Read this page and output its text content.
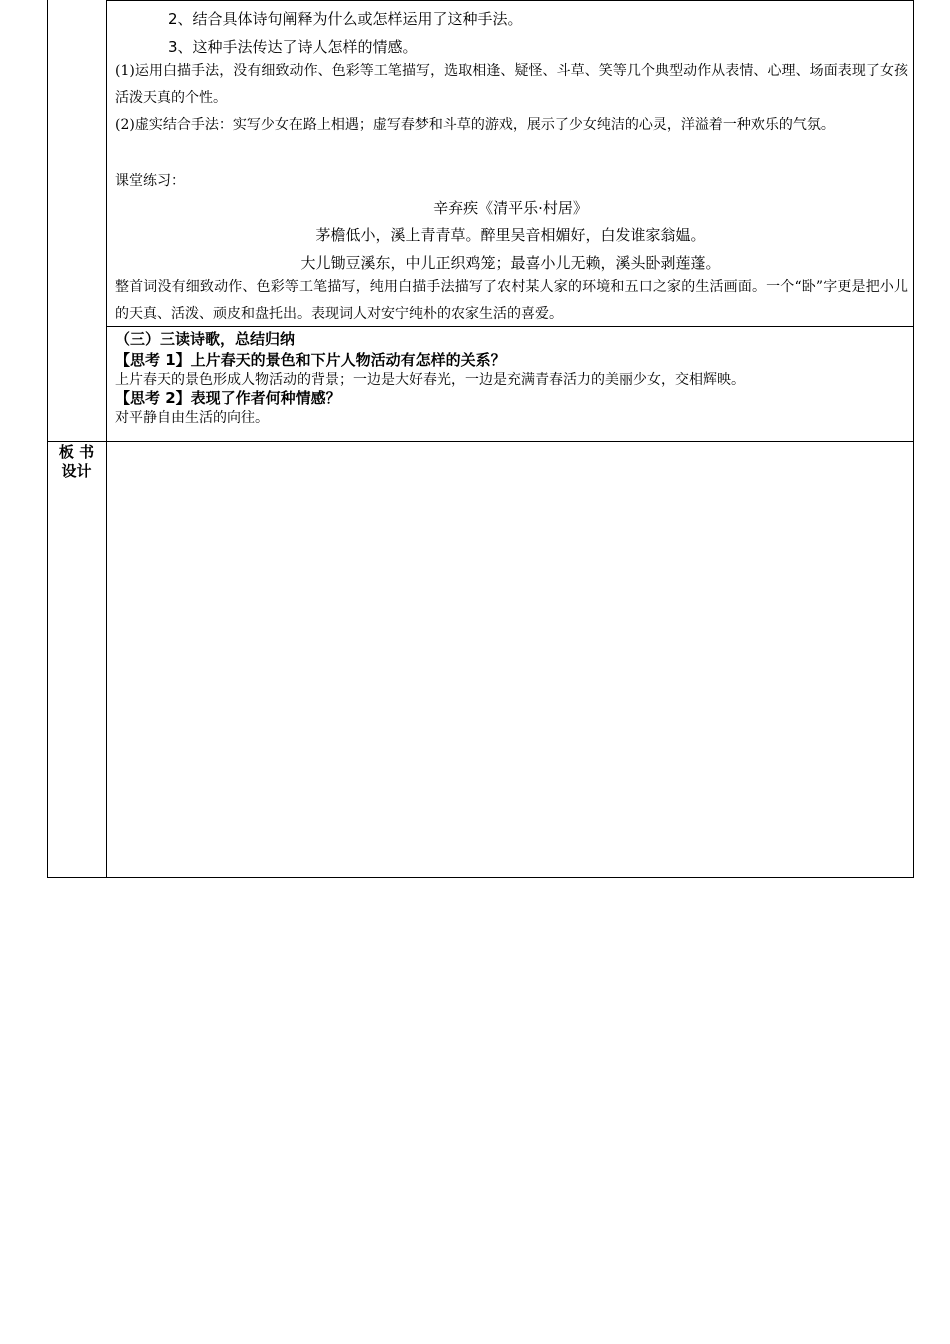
2、结合具体诗句阐释为什么或怎样运用了这种手法。
3、这种手法传达了诗人怎样的情感。
(1)运用白描手法，没有细致动作、色彩等工笔描写，选取相逢、疑怪、斗草、笑等几个典型动作从表情、心理、场面表现了女孩活泼天真的个性。
(2)虚实结合手法：实写少女在路上相遇；虚写春梦和斗草的游戏，展示了少女纯洁的心灵，洋溢着一种欢乐的气氛。
课堂练习：
辛弃疾《清平乐·村居》
茅檐低小，溪上青青草。醉里吴音相媚好，白发谁家翁媪。
大儿锄豆溪东，中儿正织鸡笼；最喜小儿无赖，溪头卧剥莲蓬。
整首词没有细致动作、色彩等工笔描写，纯用白描手法描写了农村某人家的环境和五口之家的生活画面。一个“卧”字更是把小儿的天真、活泼、顽皮和盘托出。表现词人对安宁纯朴的农家生活的喜爱。
（三）三读诗歌，总结归纳
【思考 1】上片春天的景色和下片人物活动有怎样的关系？
上片春天的景色形成人物活动的背景；一边是大好春光，一边是充满青春活力的美丽少女，交相辉映。
【思考 2】表现了作者何种情感？
对平静自由生活的向往。
板 书
设计
